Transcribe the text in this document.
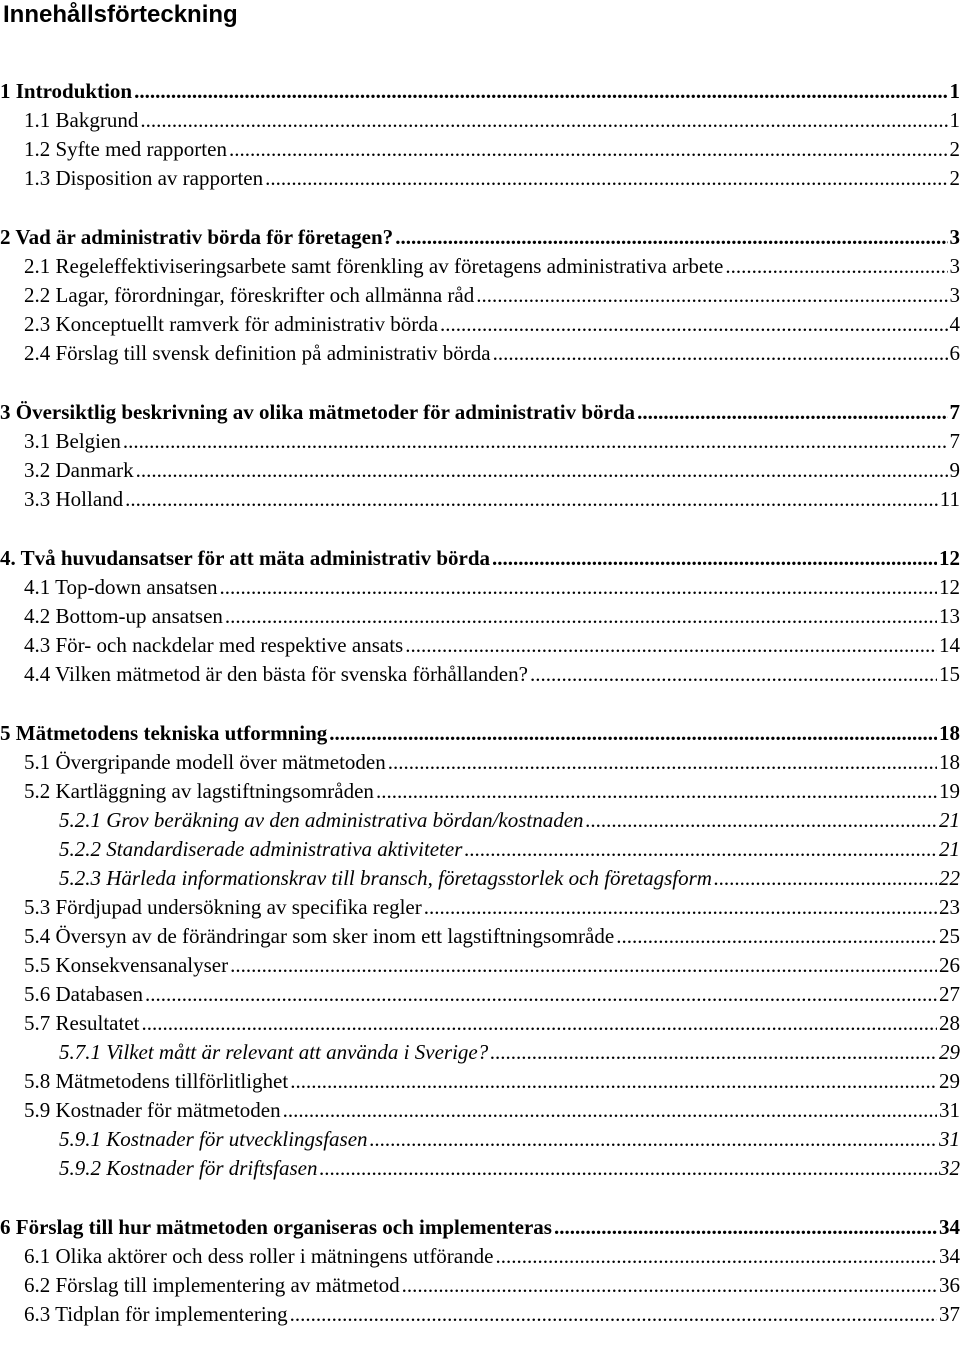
Innehållsförteckning
1 Introduktion .....	1
1.1 Bakgrund .....	1
1.2 Syfte med rapporten .....	2
1.3 Disposition av rapporten .....	2
2 Vad är administrativ börda för företagen? .....	3
2.1 Regeleffektiviseringsarbete samt förenkling av företagens administrativa arbete .....	3
2.2 Lagar, förordningar, föreskrifter och allmänna råd .....	3
2.3 Konceptuellt ramverk för administrativ börda .....	4
2.4 Förslag till svensk definition på administrativ börda .....	6
3 Översiktlig beskrivning av olika mätmetoder för administrativ börda .....	7
3.1 Belgien .....	7
3.2 Danmark .....	9
3.3 Holland .....	11
4. Två huvudansatser för att mäta administrativ börda .....	12
4.1 Top-down ansatsen .....	12
4.2 Bottom-up ansatsen .....	13
4.3 För- och nackdelar med respektive ansats .....	14
4.4 Vilken mätmetod är den bästa för svenska förhållanden? .....	15
5 Mätmetodens tekniska utformning .....	18
5.1 Övergripande modell över mätmetoden .....	18
5.2 Kartläggning av lagstiftningsområden .....	19
5.2.1 Grov beräkning av den administrativa bördan/kostnaden .....	21
5.2.2 Standardiserade administrativa aktiviteter .....	21
5.2.3 Härleda informationskrav till bransch, företagsstorlek och företagsform .....	22
5.3 Fördjupad undersökning av specifika regler .....	23
5.4 Översyn av de förändringar som sker inom ett lagstiftningsområde .....	25
5.5 Konsekvensanalyser .....	26
5.6 Databasen .....	27
5.7 Resultatet .....	28
5.7.1 Vilket mått är relevant att använda i Sverige? .....	29
5.8 Mätmetodens tillförlitlighet .....	29
5.9 Kostnader för mätmetoden .....	31
5.9.1 Kostnader för utvecklingsfasen .....	31
5.9.2 Kostnader för driftsfasen .....	32
6 Förslag till hur mätmetoden organiseras och implementeras .....	34
6.1 Olika aktörer och dess roller i mätningens utförande .....	34
6.2 Förslag till implementering av mätmetod .....	36
6.3 Tidplan för implementering .....	37
